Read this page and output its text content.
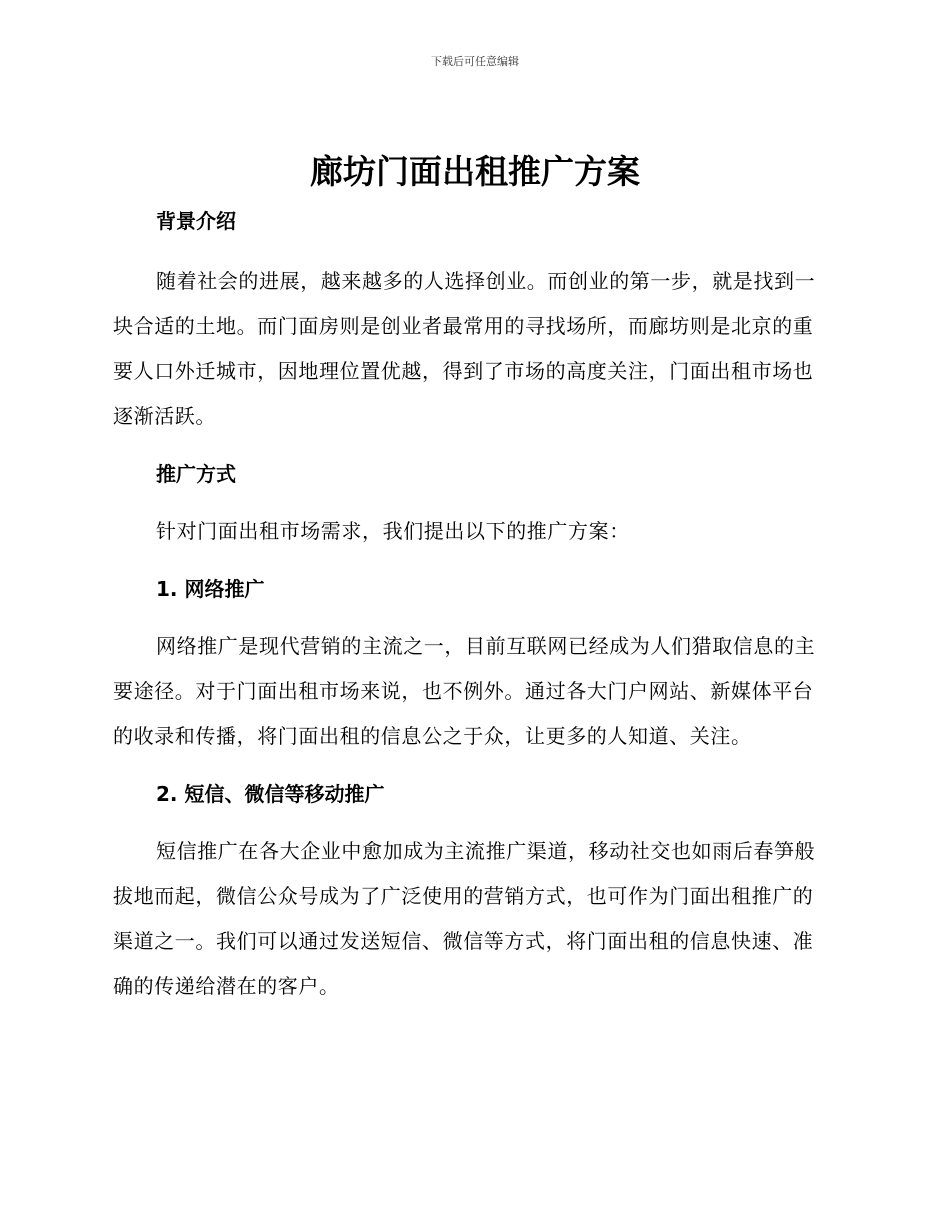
下载后可任意编辑
廊坊门面出租推广方案
背景介绍

随着社会的进展，越来越多的人选择创业。而创业的第一步，就是找到一块合适的土地。而门面房则是创业者最常用的寻找场所，而廊坊则是北京的重要人口外迁城市，因地理位置优越，得到了市场的高度关注，门面出租市场也逐渐活跃。

推广方式

针对门面出租市场需求，我们提出以下的推广方案：

1. 网络推广

网络推广是现代营销的主流之一，目前互联网已经成为人们猎取信息的主要途径。对于门面出租市场来说，也不例外。通过各大门户网站、新媒体平台的收录和传播，将门面出租的信息公之于众，让更多的人知道、关注。

2. 短信、微信等移动推广

短信推广在各大企业中愈加成为主流推广渠道，移动社交也如雨后春笋般拔地而起，微信公众号成为了广泛使用的营销方式，也可作为门面出租推广的渠道之一。我们可以通过发送短信、微信等方式，将门面出租的信息快速、准确的传递给潜在的客户。
